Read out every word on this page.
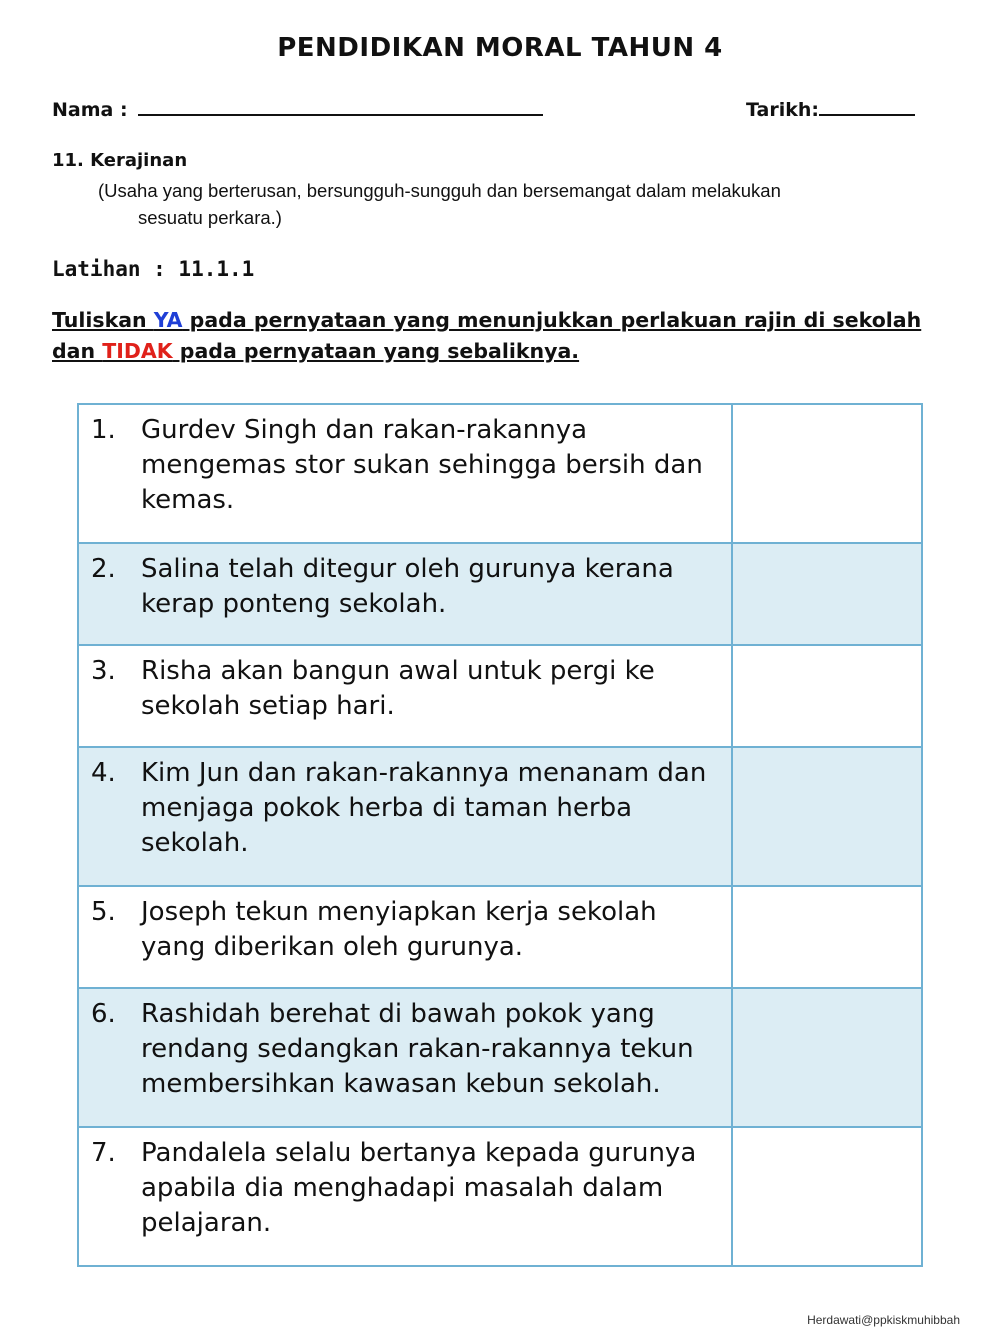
PENDIDIKAN MORAL TAHUN 4
Nama :	Tarikh:
11. Kerajinan
(Usaha yang berterusan, bersungguh-sungguh dan bersemangat dalam melakukan
sesuatu perkara.)
Latihan : 11.1.1
Tuliskan YA pada pernyataan yang menunjukkan perlakuan rajin di sekolah dan TIDAK pada pernyataan yang sebaliknya.
1. Gurdev Singh dan rakan-rakannya mengemas stor sukan sehingga bersih dan kemas.	

2. Salina telah ditegur oleh gurunya kerana kerap ponteng sekolah.	

3. Risha akan bangun awal untuk pergi ke sekolah setiap hari.	

4. Kim Jun dan rakan-rakannya menanam dan menjaga pokok herba di taman herba sekolah.	

5. Joseph tekun menyiapkan kerja sekolah yang diberikan oleh gurunya.	

6. Rashidah berehat di bawah pokok yang rendang sedangkan rakan-rakannya tekun membersihkan kawasan kebun sekolah.	

7. Pandalela selalu bertanya kepada gurunya apabila dia menghadapi masalah dalam pelajaran.	

Herdawati@ppkiskmuhibbah
